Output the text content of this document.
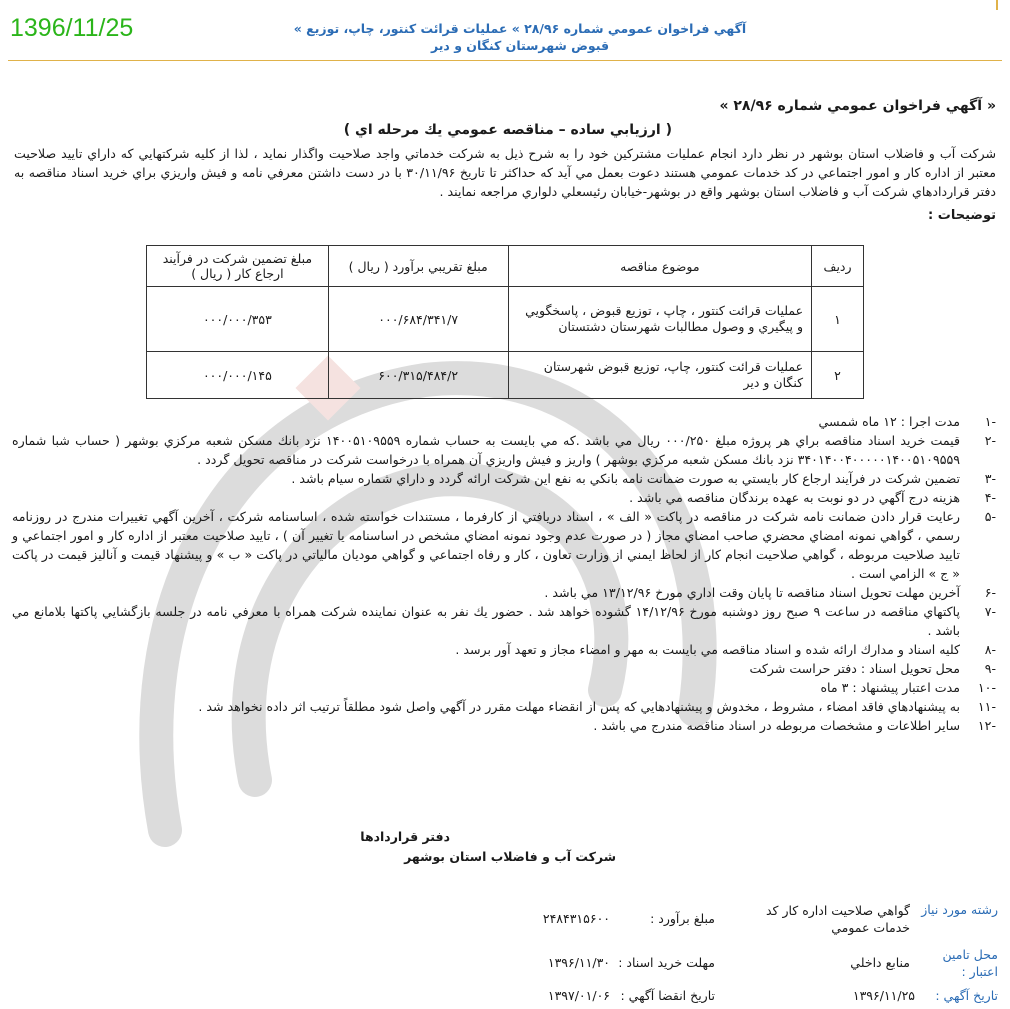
1396/11/25	آگهي فراخوان عمومي شماره ۲۸/۹۶ » عمليات قرائت كنتور، چاپ، توزيع »
قبوض شهرستان كنگان و دير
« آگهي فراخوان عمومي شماره ۲۸/۹۶ »
( ارزيابي ساده – مناقصه عمومي يك مرحله اي )
شركت آب و فاضلاب استان بوشهر در نظر دارد انجام عمليات مشتركين خود را به شرح ذيل به شركت خدماتي واجد صلاحيت واگذار نمايد ، لذا از كليه شركتهايي كه داراي تاييد صلاحيت معتبر از اداره كار و امور اجتماعي در كد خدمات عمومي هستند دعوت بعمل مي آيد كه حداكثر تا تاريخ ۳۰/۱۱/۹۶ با در دست داشتن معرفي نامه و فيش واريزي براي خريد اسناد مناقصه به دفتر قراردادهاي شركت آب و فاضلاب استان بوشهر واقع در بوشهر-خيابان رئيسعلي دلواري مراجعه نمايند .
توضيحات :
رديف	موضوع مناقصه	مبلغ تقريبي برآورد ( ريال )	مبلغ تضمين شركت در فرآيند ارجاع كار ( ريال )
۱	عمليات قرائت كنتور ، چاپ ، توزيع قبوض ، پاسخگويي و پيگيري و وصول مطالبات شهرستان دشتستان	۰۰۰/۶۸۴/۳۴۱/۷	۰۰۰/۰۰۰/۳۵۳
۲	عمليات قرائت كنتور، چاپ، توزيع قبوض شهرستان كنگان و دير	۶۰۰/۳۱۵/۴۸۴/۲	۰۰۰/۰۰۰/۱۴۵
-۱
مدت اجرا : ۱۲ ماه شمسي
-۲
قيمت خريد اسناد مناقصه براي هر پروژه مبلغ ۰۰۰/۲۵۰ ريال مي باشد .كه مي بايست به حساب شماره ۱۴۰۰۵۱۰۹۵۵۹ نزد بانك مسكن شعبه مركزي بوشهر ( حساب شبا شماره ۳۴۰۱۴۰۰۴۰۰۰۰۰۱۴۰۰۵۱۰۹۵۵۹ نزد بانك مسكن شعبه مركزي بوشهر ) واريز و فيش واريزي آن همراه با درخواست شركت در مناقصه تحويل گردد .
-۳
تضمين شركت در فرآيند ارجاع كار بايستي به صورت ضمانت نامه بانكي به نفع اين شركت ارائه گردد و داراي شماره سيام باشد .
-۴
هزينه درج آگهي در دو نوبت به عهده برندگان مناقصه مي باشد .
-۵
رعايت قرار دادن ضمانت نامه شركت در مناقصه در پاكت « الف » ، اسناد دريافتي از كارفرما ، مستندات خواسته شده ، اساسنامه شركت ، آخرين آگهي تغييرات مندرج در روزنامه رسمي ، گواهي نمونه امضاي محضري صاحب امضاي مجاز ( در صورت عدم وجود نمونه امضاي مشخص در اساسنامه يا تغيير آن ) ، تاييد صلاحيت معتبر از اداره كار و امور اجتماعي و تاييد صلاحيت مربوطه ، گواهي صلاحيت انجام كار از لحاظ ايمني از وزارت تعاون ، كار و رفاه اجتماعي و گواهي موديان مالياتي در پاكت « ب » و پيشنهاد قيمت و آناليز قيمت در پاكت « ج » الزامي است .
-۶
آخرين مهلت تحويل اسناد مناقصه تا پايان وقت اداري مورخ ۱۳/۱۲/۹۶ مي باشد .
-۷
پاكتهاي مناقصه در ساعت ۹ صبح روز دوشنبه مورخ ۱۴/۱۲/۹۶ گشوده خواهد شد . حضور يك نفر به عنوان نماينده شركت همراه با معرفي نامه در جلسه بازگشايي پاكتها بلامانع مي باشد .
-۸
كليه اسناد و مدارك ارائه شده و اسناد مناقصه مي بايست به مهر و امضاء مجاز و تعهد آور برسد .
-۹
محل تحويل اسناد : دفتر حراست شركت
-۱۰
مدت اعتبار پيشنهاد : ۳ ماه
-۱۱
به پيشنهادهاي فاقد امضاء ، مشروط ، مخدوش و پيشنهادهايي كه پس از انقضاء مهلت مقرر در آگهي واصل شود مطلقاً ترتيب اثر داده نخواهد شد .
-۱۲
ساير اطلاعات و مشخصات مربوطه در اسناد مناقصه مندرج مي باشد .
دفتر قراردادها
شركت آب و فاضلاب استان بوشهر
رشته مورد نياز
گواهي صلاحيت اداره كار كد خدمات عمومي
مبلغ برآورد :
۲۴۸۴۳۱۵۶۰۰
محل تامين اعتبار :
منابع داخلي
مهلت خريد اسناد :
۱۳۹۶/۱۱/۳۰
تاريخ آگهي :
۱۳۹۶/۱۱/۲۵
تاريخ انقضا آگهي :
۱۳۹۷/۰۱/۰۶
